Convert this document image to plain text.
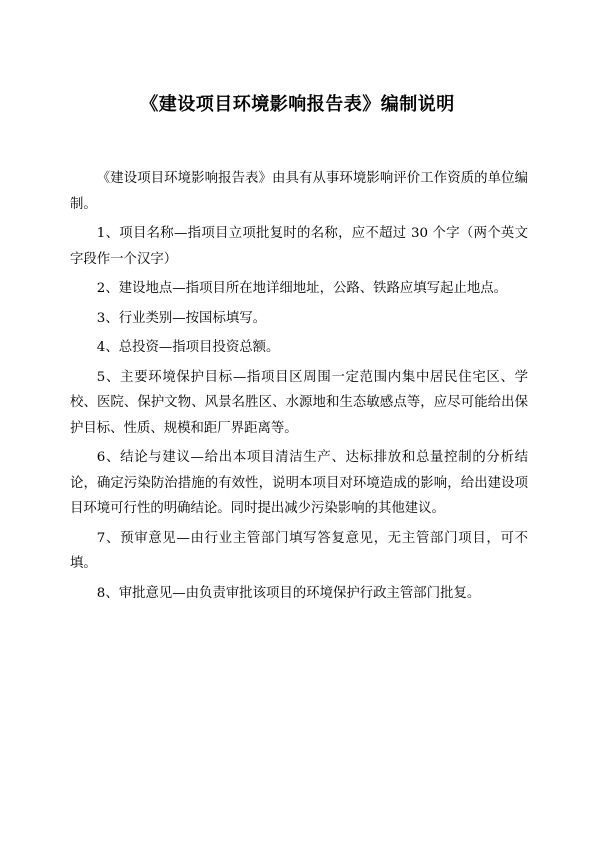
《建设项目环境影响报告表》编制说明

《建设项目环境影响报告表》由具有从事环境影响评价工作资质的单位编制。

1、项目名称—指项目立项批复时的名称，应不超过 30 个字（两个英文字段作一个汉字）

2、建设地点—指项目所在地详细地址，公路、铁路应填写起止地点。

3、行业类别—按国标填写。

4、总投资—指项目投资总额。

5、主要环境保护目标—指项目区周围一定范围内集中居民住宅区、学校、医院、保护文物、风景名胜区、水源地和生态敏感点等，应尽可能给出保护目标、性质、规模和距厂界距离等。

6、结论与建议—给出本项目清洁生产、达标排放和总量控制的分析结论，确定污染防治措施的有效性，说明本项目对环境造成的影响，给出建设项目环境可行性的明确结论。同时提出减少污染影响的其他建议。

7、预审意见—由行业主管部门填写答复意见，无主管部门项目，可不填。

8、审批意见—由负责审批该项目的环境保护行政主管部门批复。
